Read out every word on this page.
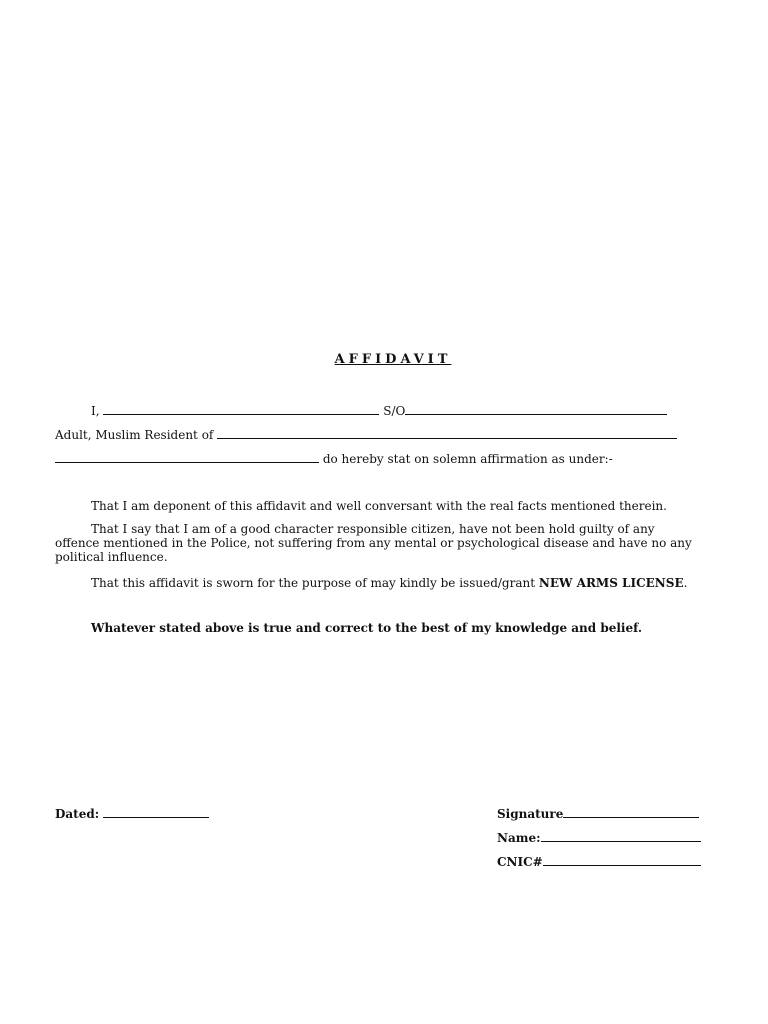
AFFIDAVIT
I,	S/O
Adult, Muslim Resident of
do hereby stat on solemn affirmation as under:-
That I am deponent of this affidavit and well conversant with the real facts mentioned therein.
That I say that I am of a good character responsible citizen, have not been hold guilty of any offence mentioned in the Police, not suffering from any mental or psychological disease and have no any political influence.
That this affidavit is sworn for the purpose of may kindly be issued/grant NEW ARMS LICENSE.
Whatever stated above is true and correct to the best of my knowledge and belief.
Dated:	Signature
Name:
CNIC#
